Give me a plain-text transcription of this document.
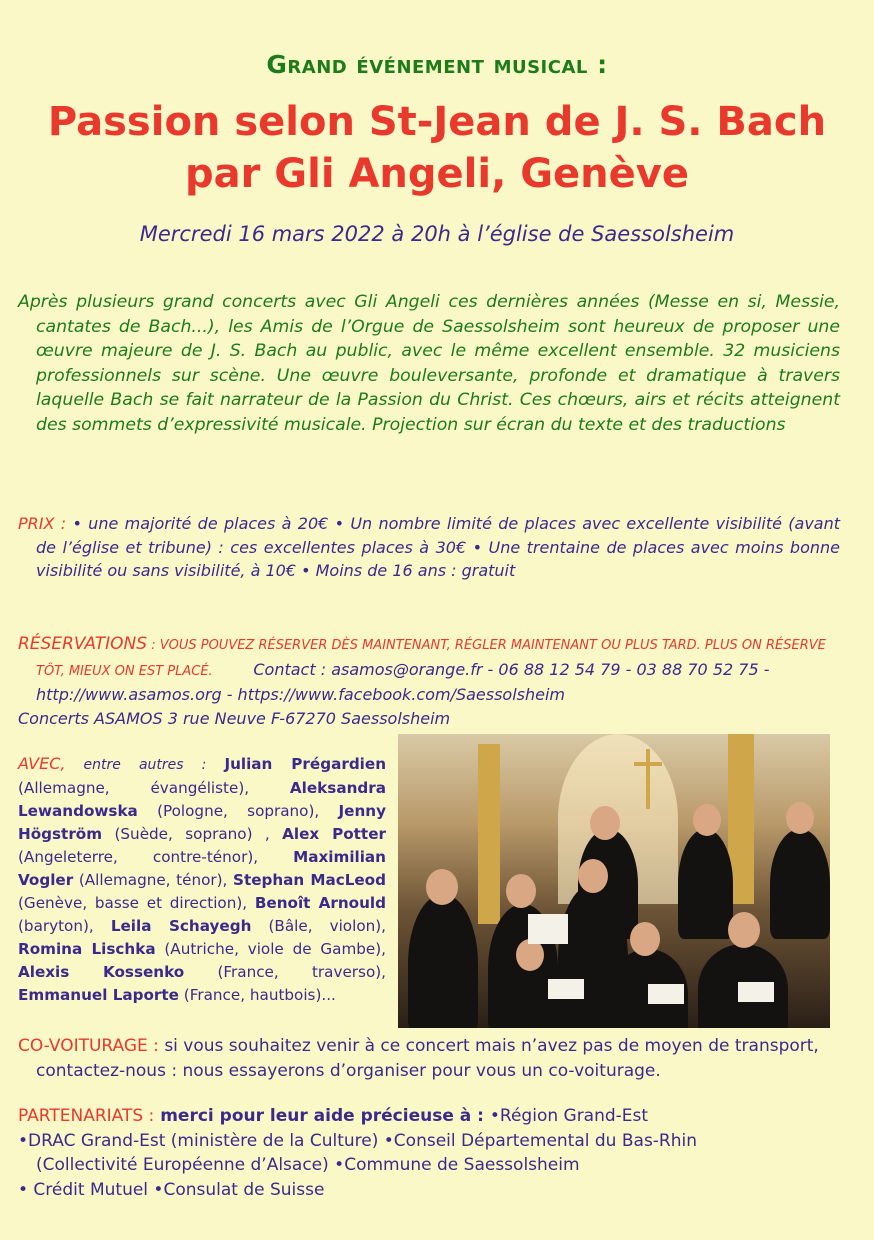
Grand événement musical :
Passion selon St-Jean de J. S. Bach
par Gli Angeli, Genève
Mercredi 16 mars 2022 à 20h à l’église de Saessolsheim
Après plusieurs grand concerts avec Gli Angeli ces dernières années (Messe en si, Messie, cantates de Bach...), les Amis de l’Orgue de Saessolsheim sont heureux de proposer une œuvre majeure de J. S. Bach au public, avec le même excellent ensemble. 32 musiciens professionnels sur scène. Une œuvre bouleversante, profonde et dramatique à travers laquelle Bach se fait narrateur de la Passion du Christ. Ces chœurs, airs et récits atteignent des sommets d’expressivité musicale. Projection sur écran du texte et des traductions
PRIX : • une majorité de places à 20€ • Un nombre limité de places avec excellente visibilité (avant de l’église et tribune) : ces excellentes places à 30€ • Une trentaine de places avec moins bonne visibilité ou sans visibilité, à 10€ • Moins de 16 ans : gratuit
RÉSERVATIONS : VOUS POUVEZ RÉSERVER DÈS MAINTENANT, RÉGLER MAINTENANT OU PLUS TARD. PLUS ON RÉSERVE TÔT, MIEUX ON EST PLACÉ.	Contact : asamos@orange.fr - 06 88 12 54 79 - 03 88 70 52 75 - http://www.asamos.org - https://www.facebook.com/Saessolsheim
Concerts ASAMOS 3 rue Neuve F-67270 Saessolsheim
AVEC, entre autres : Julian Prégardien (Allemagne, évangéliste), Aleksandra Lewandowska (Pologne, soprano), Jenny Högström (Suède, soprano) , Alex Potter (Angeleterre, contre-ténor), Maximilian Vogler (Allemagne, ténor), Stephan MacLeod (Genève, basse et direction), Benoît Arnould (baryton), Leila Schayegh (Bâle, violon), Romina Lischka (Autriche, viole de Gambe), Alexis Kossenko (France, traverso), Emmanuel Laporte (France, hautbois)...
CO-VOITURAGE : si vous souhaitez venir à ce concert mais n’avez pas de moyen de transport, contactez-nous : nous essayerons d’organiser pour vous un co-voiturage.
PARTENARIATS : merci pour leur aide précieuse à : •Région Grand-Est
•DRAC Grand-Est (ministère de la Culture) •Conseil Départemental du Bas-Rhin
(Collectivité Européenne d’Alsace) •Commune de Saessolsheim
• Crédit Mutuel •Consulat de Suisse
